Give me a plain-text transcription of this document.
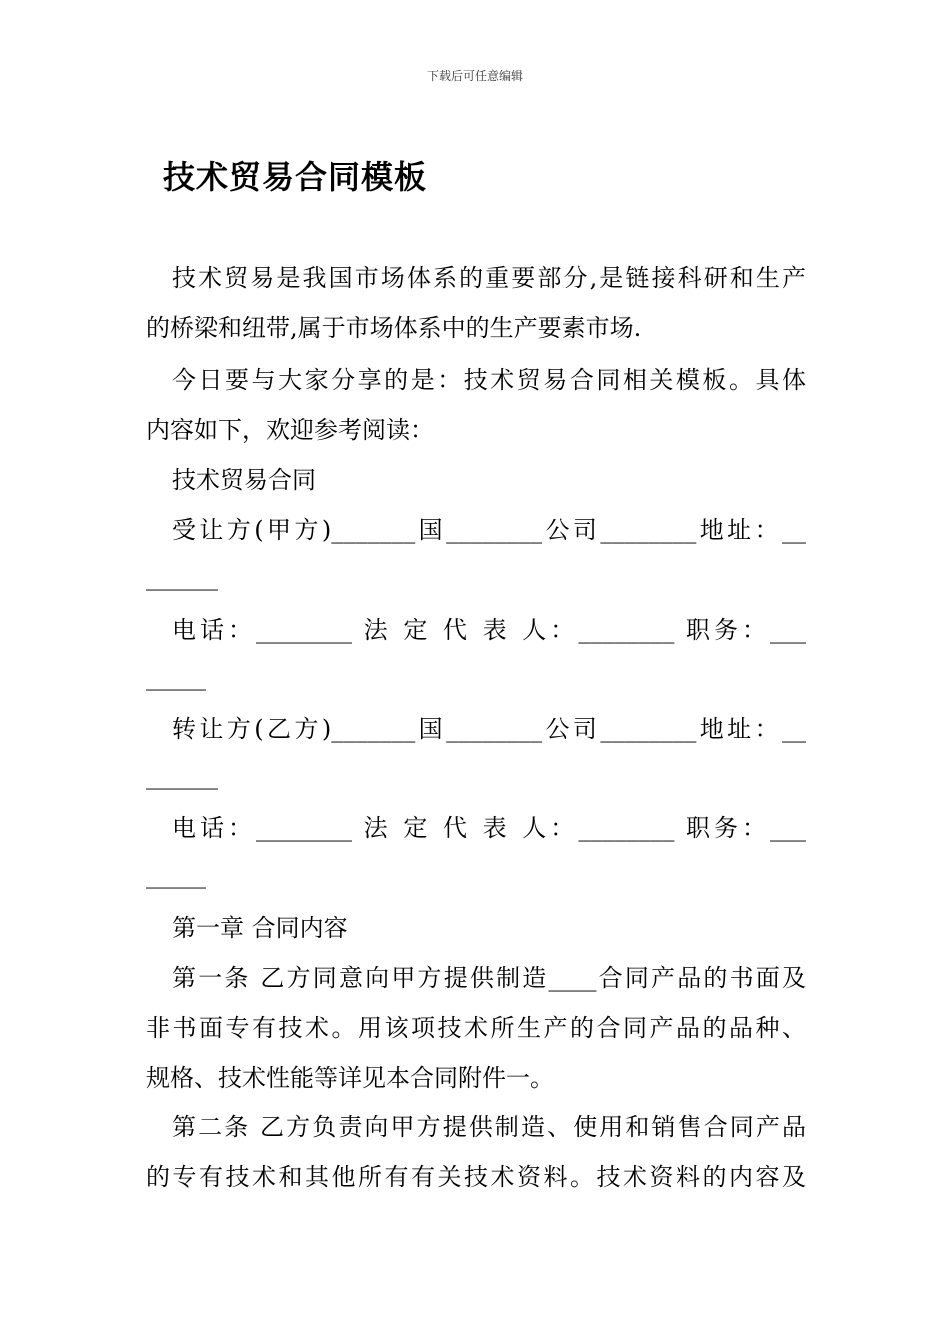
下载后可任意编辑
技术贸易合同模板
技术贸易是我国市场体系的重要部分,是链接科研和生产
的桥梁和纽带,属于市场体系中的生产要素市场.
今日要与大家分享的是：技术贸易合同相关模板。具体
内容如下，欢迎参考阅读：
技术贸易合同
受让方(甲方)_______国________公司________地址：__
______
电话：________ 法 定 代 表 人：________ 职务：___
_____
转让方(乙方)_______国________公司________地址：__
______
电话：________ 法 定 代 表 人：________ 职务：___
_____
第一章 合同内容
第一条 乙方同意向甲方提供制造____合同产品的书面及
非书面专有技术。用该项技术所生产的合同产品的品种、
规格、技术性能等详见本合同附件一。
第二条 乙方负责向甲方提供制造、使用和销售合同产品
的专有技术和其他所有有关技术资料。技术资料的内容及
